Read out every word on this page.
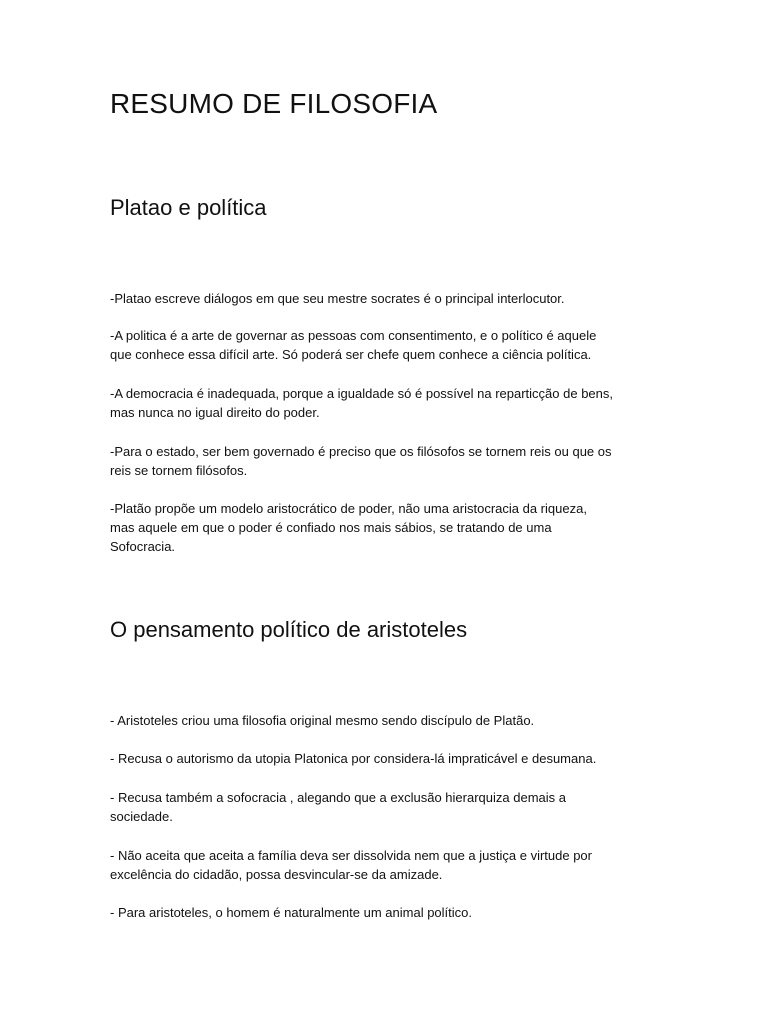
RESUMO DE FILOSOFIA
Platao e política

-Platao escreve diálogos em que seu mestre socrates é o principal interlocutor.

-A politica é a arte de governar as pessoas com consentimento, e o político é aquele
que conhece essa difícil arte. Só poderá ser chefe quem conhece a ciência política.

-A democracia é inadequada, porque a igualdade só é possível na reparticção de bens,
mas nunca no igual direito do poder.

-Para o estado, ser bem governado é preciso que os filósofos se tornem reis ou que os
reis se tornem filósofos.

-Platão propõe um modelo aristocrático de poder, não uma aristocracia da riqueza,
mas aquele em que o poder é confiado nos mais sábios, se tratando de uma
Sofocracia.

O pensamento político de aristoteles

- Aristoteles criou uma filosofia original mesmo sendo discípulo de Platão.

- Recusa o autorismo da utopia Platonica por considera-lá impraticável e desumana.

- Recusa também a sofocracia , alegando que a exclusão hierarquiza demais a
sociedade.

- Não aceita que aceita a família deva ser dissolvida nem que a justiça e virtude por
excelência do cidadão, possa desvincular-se da amizade.

- Para aristoteles, o homem é naturalmente um animal político.
